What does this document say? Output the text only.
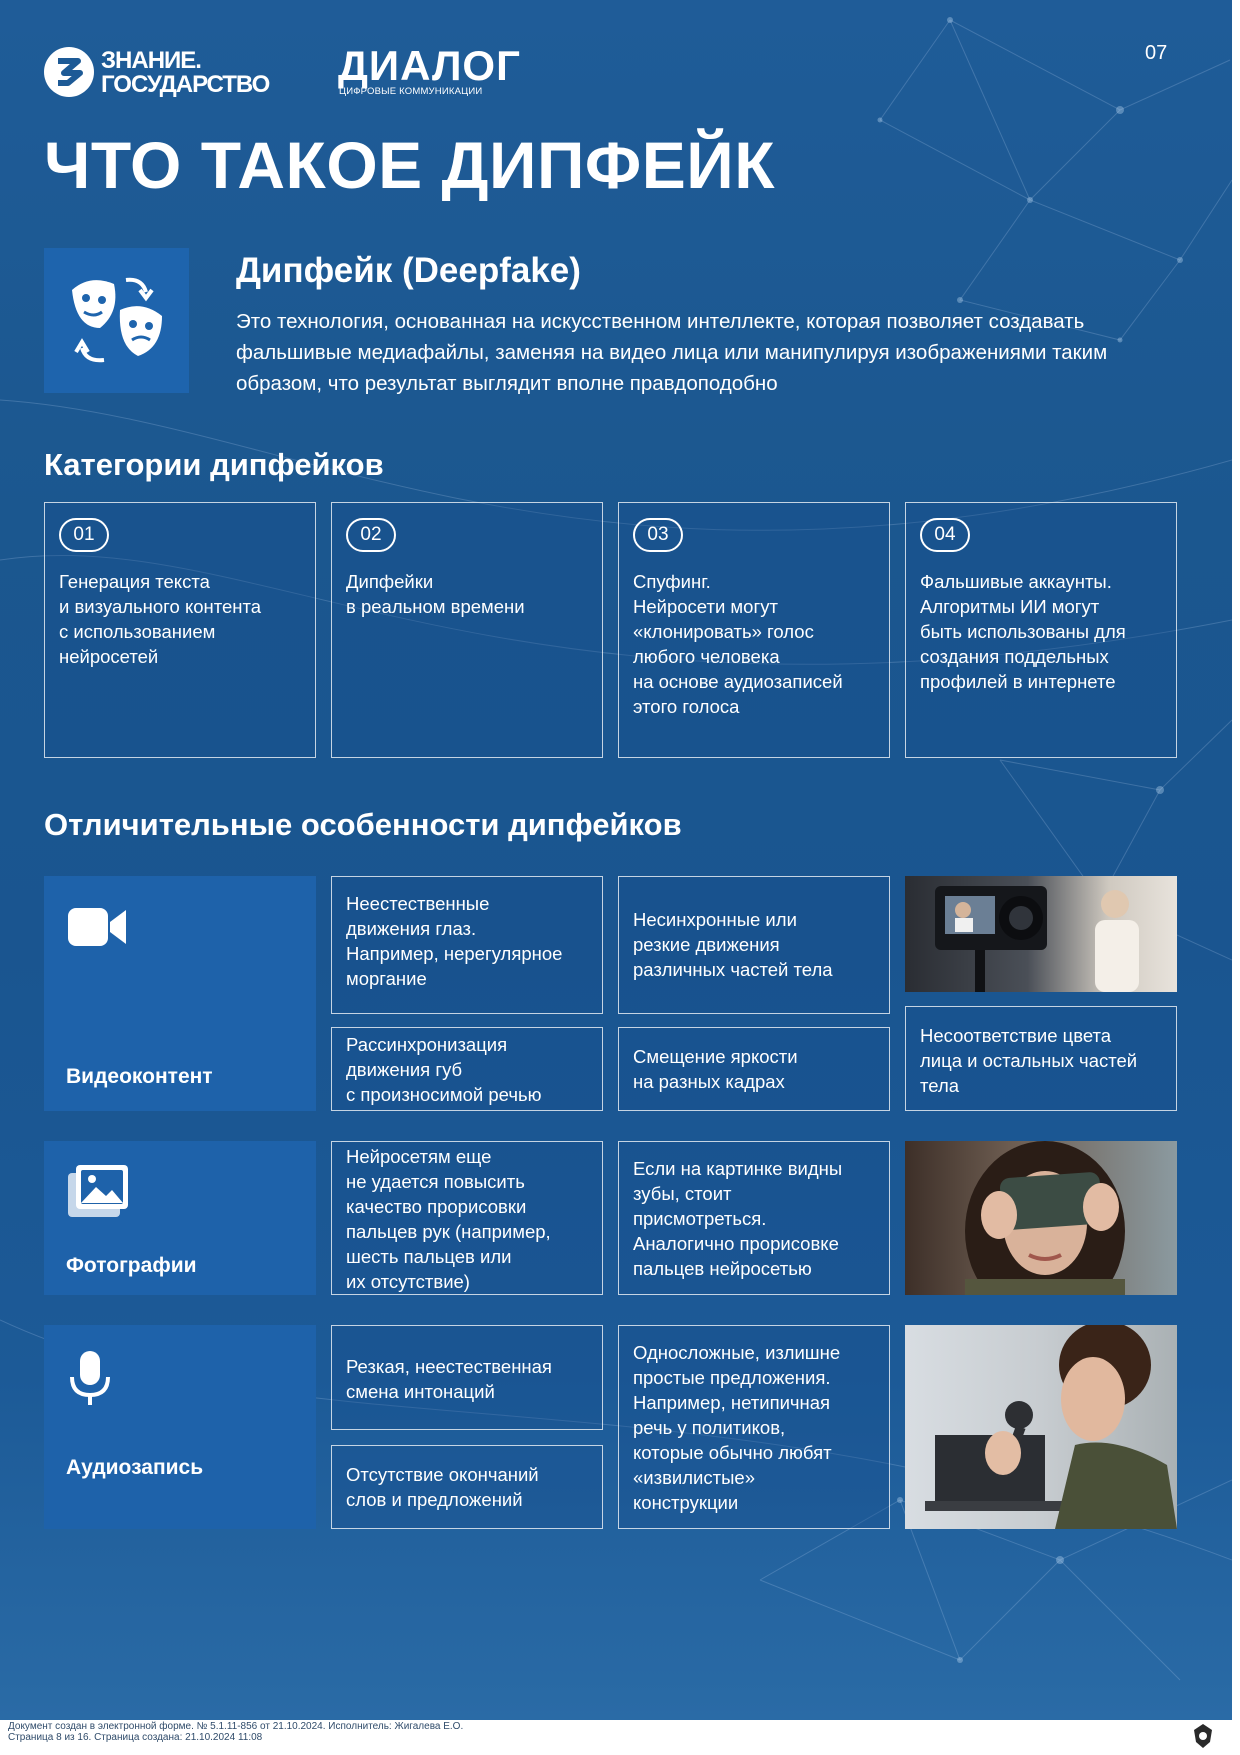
ЗНАНИЕ.
ГОСУДАРСТВО ДИАЛОГ
ЦИФРОВЫЕ КОММУНИКАЦИИ
07
ЧТО ТАКОЕ ДИПФЕЙК
Дипфейк (Deepfake)
Это технология, основанная на искусственном интеллекте, которая позволяет создавать фальшивые медиафайлы, заменяя на видео лица или манипулируя изображениями таким образом, что результат выглядит вполне правдоподобно
Категории дипфейков
01
Генерация текста
и визуального контента
с использованием
нейросетей
02
Дипфейки
в реальном времени
03
Спуфинг.
Нейросети могут
«клонировать» голос
любого человека
на основе аудиозаписей
этого голоса
04
Фальшивые аккаунты.
Алгоритмы ИИ могут
быть использованы для
создания поддельных
профилей в интернете
Отличительные особенности дипфейков
Видеоконтент
Неестественные
движения глаз.
Например, нерегулярное
моргание
Несинхронные или
резкие движения
различных частей тела
Рассинхронизация
движения губ
с произносимой речью
Смещение яркости
на разных кадрах
Несоответствие цвета
лица и остальных частей
тела
Фотографии
Нейросетям еще
не удается повысить
качество прорисовки
пальцев рук (например,
шесть пальцев или
их отсутствие)
Если на картинке видны
зубы, стоит
присмотреться.
Аналогично прорисовке
пальцев нейросетью
Аудиозапись
Резкая, неестественная
смена интонаций
Отсутствие окончаний
слов и предложений
Односложные, излишне
простые предложения.
Например, нетипичная
речь у политиков,
которые обычно любят
«извилистые»
конструкции
Документ создан в электронной форме. № 5.1.11-856 от 21.10.2024. Исполнитель: Жигалева Е.О.
Страница 8 из 16. Страница создана: 21.10.2024 11:08
